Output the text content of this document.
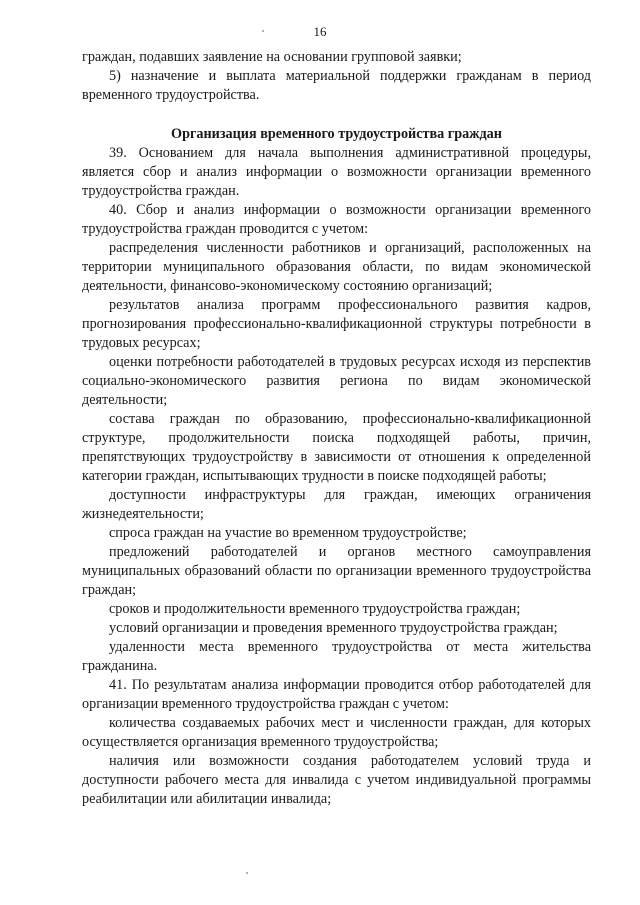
16

граждан, подавших заявление на основании групповой заявки;

5) назначение и выплата материальной поддержки гражданам в период временного трудоустройства.

Организация временного трудоустройства граждан

39. Основанием для начала выполнения административной процедуры, является сбор и анализ информации о возможности организации временного трудоустройства граждан.

40. Сбор и анализ информации о возможности организации временного трудоустройства граждан проводится с учетом:

распределения численности работников и организаций, расположенных на территории муниципального образования области, по видам экономической деятельности, финансово-экономическому состоянию организаций;

результатов анализа программ профессионального развития кадров, прогнозирования профессионально-квалификационной структуры потребности в трудовых ресурсах;

оценки потребности работодателей в трудовых ресурсах исходя из перспектив социально-экономического развития региона по видам экономической деятельности;

состава граждан по образованию, профессионально-квалификационной структуре, продолжительности поиска подходящей работы, причин, препятствующих трудоустройству в зависимости от отношения к определенной категории граждан, испытывающих трудности в поиске подходящей работы;

доступности инфраструктуры для граждан, имеющих ограничения жизнедеятельности;

спроса граждан на участие во временном трудоустройстве;

предложений работодателей и органов местного самоуправления муниципальных образований области по организации временного трудоустройства граждан;

сроков и продолжительности временного трудоустройства граждан;

условий организации и проведения временного трудоустройства граждан;

удаленности места временного трудоустройства от места жительства гражданина.

41. По результатам анализа информации проводится отбор работодателей для организации временного трудоустройства граждан с учетом:

количества создаваемых рабочих мест и численности граждан, для которых осуществляется организация временного трудоустройства;

наличия или возможности создания работодателем условий труда и доступности рабочего места для инвалида с учетом индивидуальной программы реабилитации или абилитации инвалида;
